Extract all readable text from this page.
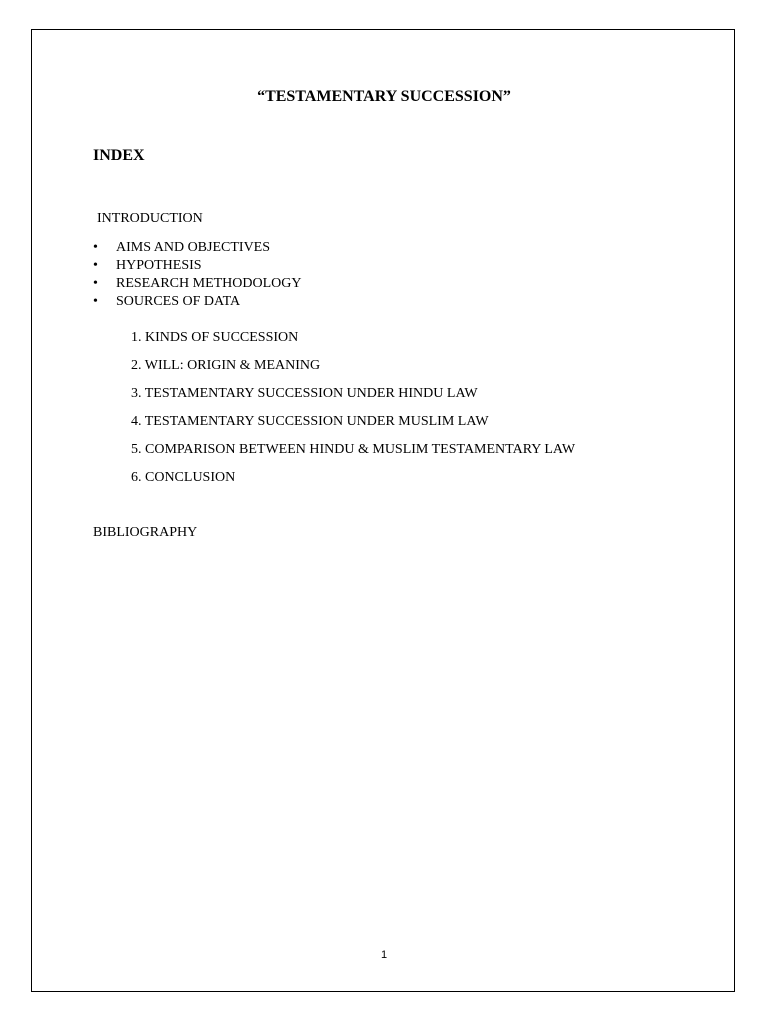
“TESTAMENTARY SUCCESSION”
INDEX

INTRODUCTION

•	AIMS AND OBJECTIVES
•	HYPOTHESIS
•	RESEARCH METHODOLOGY
•	SOURCES OF DATA
1. KINDS OF SUCCESSION
2. WILL: ORIGIN & MEANING
3. TESTAMENTARY SUCCESSION UNDER HINDU LAW
4. TESTAMENTARY SUCCESSION UNDER MUSLIM LAW
5. COMPARISON BETWEEN HINDU & MUSLIM TESTAMENTARY LAW
6. CONCLUSION

BIBLIOGRAPHY

1
